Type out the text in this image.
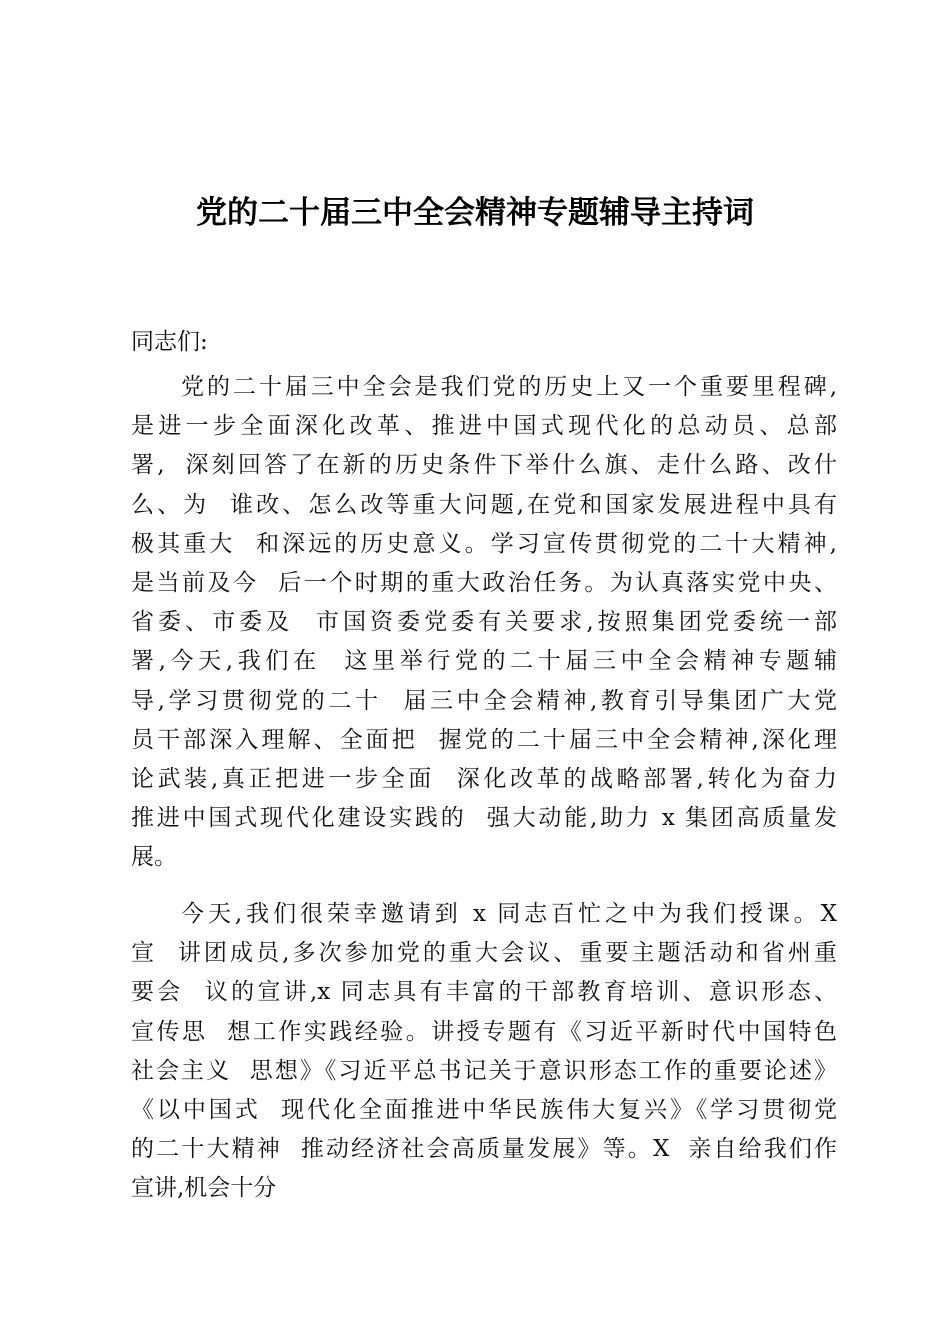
党的二十届三中全会精神专题辅导主持词

同志们:

党的二十届三中全会是我们党的历史上又一个重要里程碑,
是进一步全面深化改革、推进中国式现代化的总动员、总部
署,  深刻回答了在新的历史条件下举什么旗、走什么路、改什
么、为  谁改、怎么改等重大问题,在党和国家发展进程中具有
极其重大  和深远的历史意义。学习宣传贯彻党的二十大精神,
是当前及今  后一个时期的重大政治任务。为认真落实党中央、
省委、市委及  市国资委党委有关要求,按照集团党委统一部
署,今天,我们在  这里举行党的二十届三中全会精神专题辅
导,学习贯彻党的二十  届三中全会精神,教育引导集团广大党
员干部深入理解、全面把  握党的二十届三中全会精神,深化理
论武装,真正把进一步全面  深化改革的战略部署,转化为奋力
推进中国式现代化建设实践的  强大动能,助力 x 集团高质量发
展。
今天,我们很荣幸邀请到 x 同志百忙之中为我们授课。X
宣  讲团成员,多次参加党的重大会议、重要主题活动和省州重
要会  议的宣讲,x 同志具有丰富的干部教育培训、意识形态、
宣传思  想工作实践经验。讲授专题有《习近平新时代中国特色
社会主义  思想》《习近平总书记关于意识形态工作的重要论述》
《以中国式  现代化全面推进中华民族伟大复兴》《学习贯彻党
的二十大精神  推动经济社会高质量发展》等。X  亲自给我们作
宣讲,机会十分
